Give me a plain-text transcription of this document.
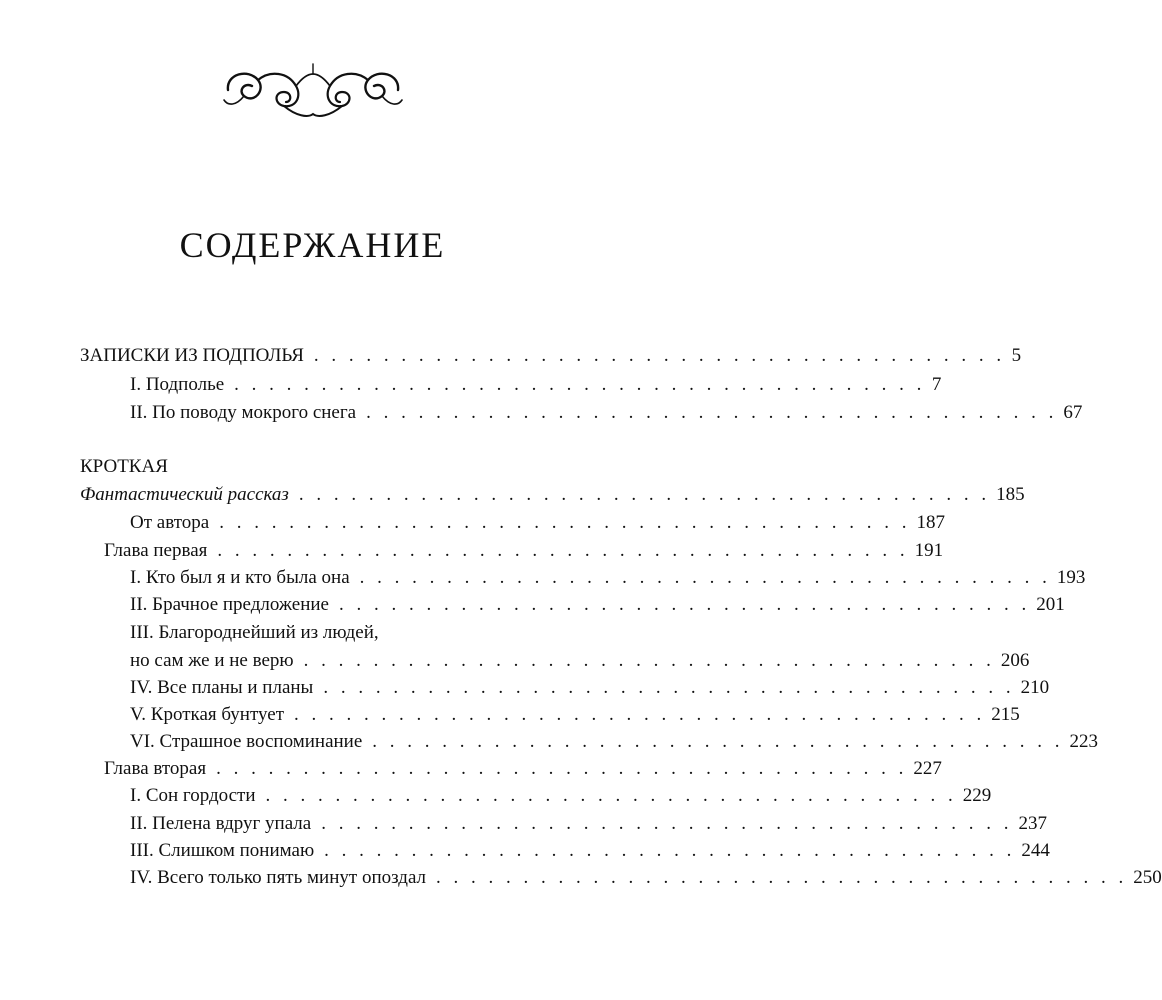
СОДЕРЖАНИЕ
ЗАПИСКИ ИЗ ПОДПОЛЬЯ . . . . . . . . . . . . . . . . . . . . . . . . . . . . . . . . . . . . . . . . 5
I. Подполье . . . . . . . . . . . . . . . . . . . . . . . . . . . . . . . . . . . . . . . . 7
II. По поводу мокрого снега . . . . . . . . . . . . . . . . . . . . . . . . . . . . . . . . . . . . . . . . 67
КРОТКАЯ
Фантастический рассказ . . . . . . . . . . . . . . . . . . . . . . . . . . . . . . . . . . . . . . . . 185
От автора . . . . . . . . . . . . . . . . . . . . . . . . . . . . . . . . . . . . . . . . 187
Глава первая . . . . . . . . . . . . . . . . . . . . . . . . . . . . . . . . . . . . . . . . 191
I. Кто был я и кто была она . . . . . . . . . . . . . . . . . . . . . . . . . . . . . . . . . . . . . . . . 193
II. Брачное предложение . . . . . . . . . . . . . . . . . . . . . . . . . . . . . . . . . . . . . . . . 201
III. Благороднейший из людей,
но сам же и не верю . . . . . . . . . . . . . . . . . . . . . . . . . . . . . . . . . . . . . . . . 206
IV. Все планы и планы . . . . . . . . . . . . . . . . . . . . . . . . . . . . . . . . . . . . . . . . 210
V. Кроткая бунтует . . . . . . . . . . . . . . . . . . . . . . . . . . . . . . . . . . . . . . . . 215
VI. Страшное воспоминание . . . . . . . . . . . . . . . . . . . . . . . . . . . . . . . . . . . . . . . . 223
Глава вторая . . . . . . . . . . . . . . . . . . . . . . . . . . . . . . . . . . . . . . . . 227
I. Сон гордости . . . . . . . . . . . . . . . . . . . . . . . . . . . . . . . . . . . . . . . . 229
II. Пелена вдруг упала . . . . . . . . . . . . . . . . . . . . . . . . . . . . . . . . . . . . . . . . 237
III. Слишком понимаю . . . . . . . . . . . . . . . . . . . . . . . . . . . . . . . . . . . . . . . . 244
IV. Всего только пять минут опоздал . . . . . . . . . . . . . . . . . . . . . . . . . . . . . . . . . . . . . . . . 250
